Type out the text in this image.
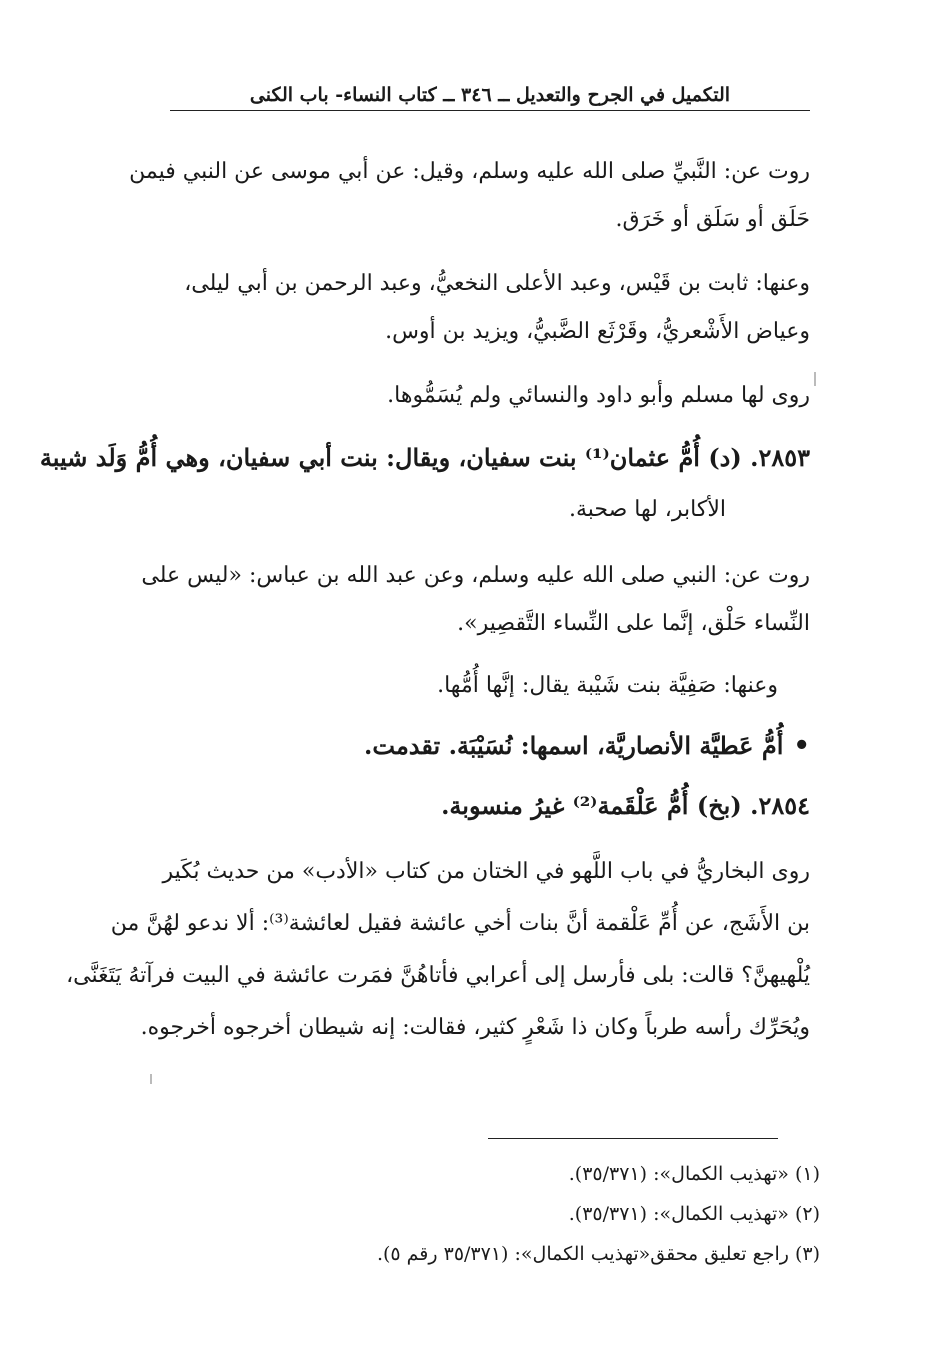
التكميل في الجرح والتعديل ــ ٣٤٦ ــ كتاب النساء- باب الكنى
روت عن: النَّبيِّ صلى الله عليه وسلم، وقيل: عن أبي موسى عن النبي فيمن
حَلَق أو سَلَق أو خَرَق.
وعنها: ثابت بن قَيْس، وعبد الأعلى النخعيُّ، وعبد الرحمن بن أبي ليلى،
وعياض الأَشْعريُّ، وقَرْثَع الضَّبيُّ، ويزيد بن أوس.
روى لها مسلم وأبو داود والنسائي ولم يُسَمُّوها.
٢٨٥٣. (د) أُمُّ عثمان⁽¹⁾ بنت سفيان، ويقال: بنت أبي سفيان، وهي أُمُّ وَلَد شيبة
الأكابر، لها صحبة.
روت عن: النبي صلى الله عليه وسلم، وعن عبد الله بن عباس: «ليس على
النِّساء حَلْق، إنَّما على النِّساء التَّقصِير».
وعنها: صَفِيَّة بنت شَيْبة يقال: إنَّها أُمُّها.
•أُمُّ عَطيَّة الأنصاريَّة، اسمها: نُسَيْبَة. تقدمت.
٢٨٥٤. (بخ) أُمُّ عَلْقَمة⁽²⁾ غيرُ منسوبة.
روى البخاريُّ في باب اللَّهو في الختان من كتاب «الأدب» من حديث بُكَير
بن الأَشَج، عن أُمِّ عَلْقمة أنَّ بنات أخي عائشة فقيل لعائشة⁽³⁾: ألا ندعو لهُنَّ من
يُلْهيهنَّ؟ قالت: بلى فأرسل إلى أعرابي فأتاهُنَّ فمَرت عائشة في البيت فرآتهُ يَتَغَنَّى،
ويُحَرِّك رأسه طرباً وكان ذا شَعْرٍ كثير، فقالت: إنه شيطان أخرجوه أخرجوه.
(١) «تهذيب الكمال»: (٣٥/٣٧١).
(٢) «تهذيب الكمال»: (٣٥/٣٧١).
(٣) راجع تعليق محقق«تهذيب الكمال»: (٣٥/٣٧١ رقم ٥).
